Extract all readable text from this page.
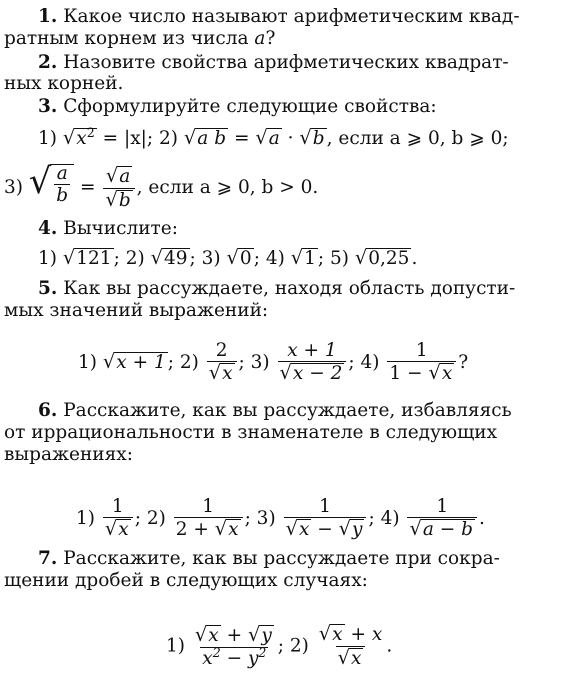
1. Какое число называют арифметическим квад-
ратным корнем из числа a?
2. Назовите свойства арифметических квадрат-
ных корней.
3. Сформулируйте следующие свойства:
1) √ $x^2 = |x|$; 2) √ a b = √ a · √ b , если a ⩾ 0, b ⩾ 0;
3) √ $\frac{a}{b} = \frac{√ a}{√ b}$ , если a ⩾ 0, b > 0.
4. Вычислите:
1) √ 121 ; 2) √ 49 ; 3) √ 0 ; 4) √ 1 ; 5) √ 0,25 .
5. Как вы рассуждаете, находя область допусти-
мых значений выражений:
1) √ x + 1 ; $2) \frac{2}{√ x}$ ; $3) \frac{x + 1}{√ x - 2}$ ; $4) \frac{1}{1 - √ x}$ ?
6. Расскажите, как вы рассуждаете, избавляясь
от иррациональности в знаменателе в следующих
выражениях:
$1) \frac{1}{√ x}$ ; $2) \frac{1}{2 + √ x}$ ; $3) \frac{1}{√ x - √ y}$ ; $4) \frac{1}{√ a - b}$ .
7. Расскажите, как вы рассуждаете при сокра-
щении дробей в следующих случаях:
$1) \frac{√ x + √ y}{x^2 - y^2}$ ; $2) \frac{√ x + x}{√ x}$ .
